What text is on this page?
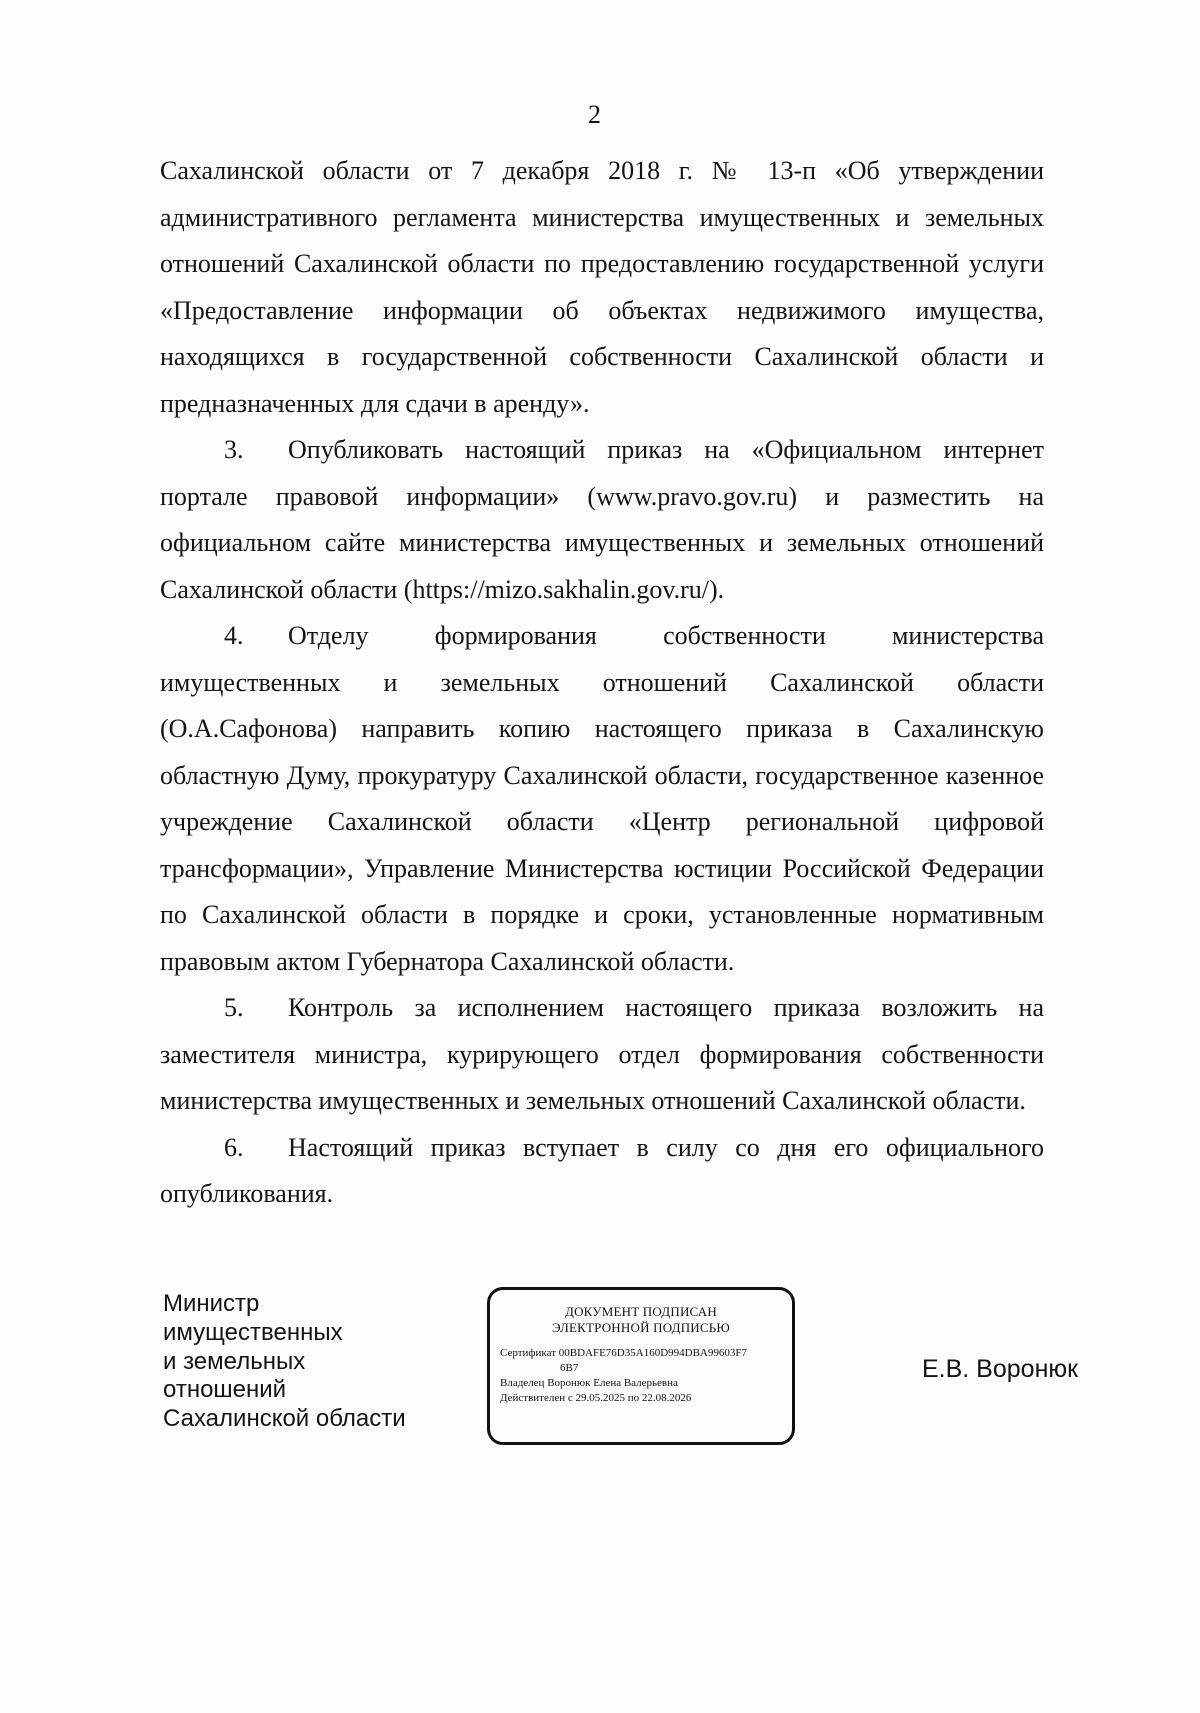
2

Сахалинской области от 7 декабря 2018 г. № 13-п «Об утверждении административного регламента министерства имущественных и земельных отношений Сахалинской области по предоставлению государственной услуги «Предоставление информации об объектах недвижимого имущества, находящихся в государственной собственности Сахалинской области и предназначенных для сдачи в аренду».

3. Опубликовать настоящий приказ на «Официальном интернет портале правовой информации» (www.pravo.gov.ru) и разместить на официальном сайте министерства имущественных и земельных отношений Сахалинской области (https://mizo.sakhalin.gov.ru/).

4. Отделу формирования собственности министерства имущественных и земельных отношений Сахалинской области (О.А.Сафонова) направить копию настоящего приказа в Сахалинскую областную Думу, прокуратуру Сахалинской области, государственное казенное учреждение Сахалинской области «Центр региональной цифровой трансформации», Управление Министерства юстиции Российской Федерации по Сахалинской области в порядке и сроки, установленные нормативным правовым актом Губернатора Сахалинской области.

5. Контроль за исполнением настоящего приказа возложить на заместителя министра, курирующего отдел формирования собственности министерства имущественных и земельных отношений Сахалинской области.

6. Настоящий приказ вступает в силу со дня его официального опубликования.

Министр
имущественных
и земельных
отношений
Сахалинской области
ДОКУМЕНТ ПОДПИСАН
ЭЛЕКТРОННОЙ ПОДПИСЬЮ
Сертификат 00BDAFE76D35A160D994DBA99603F7
6B7
Владелец Воронюк Елена Валерьевна
Действителен с 29.05.2025 по 22.08.2026
Е.В. Воронюк
